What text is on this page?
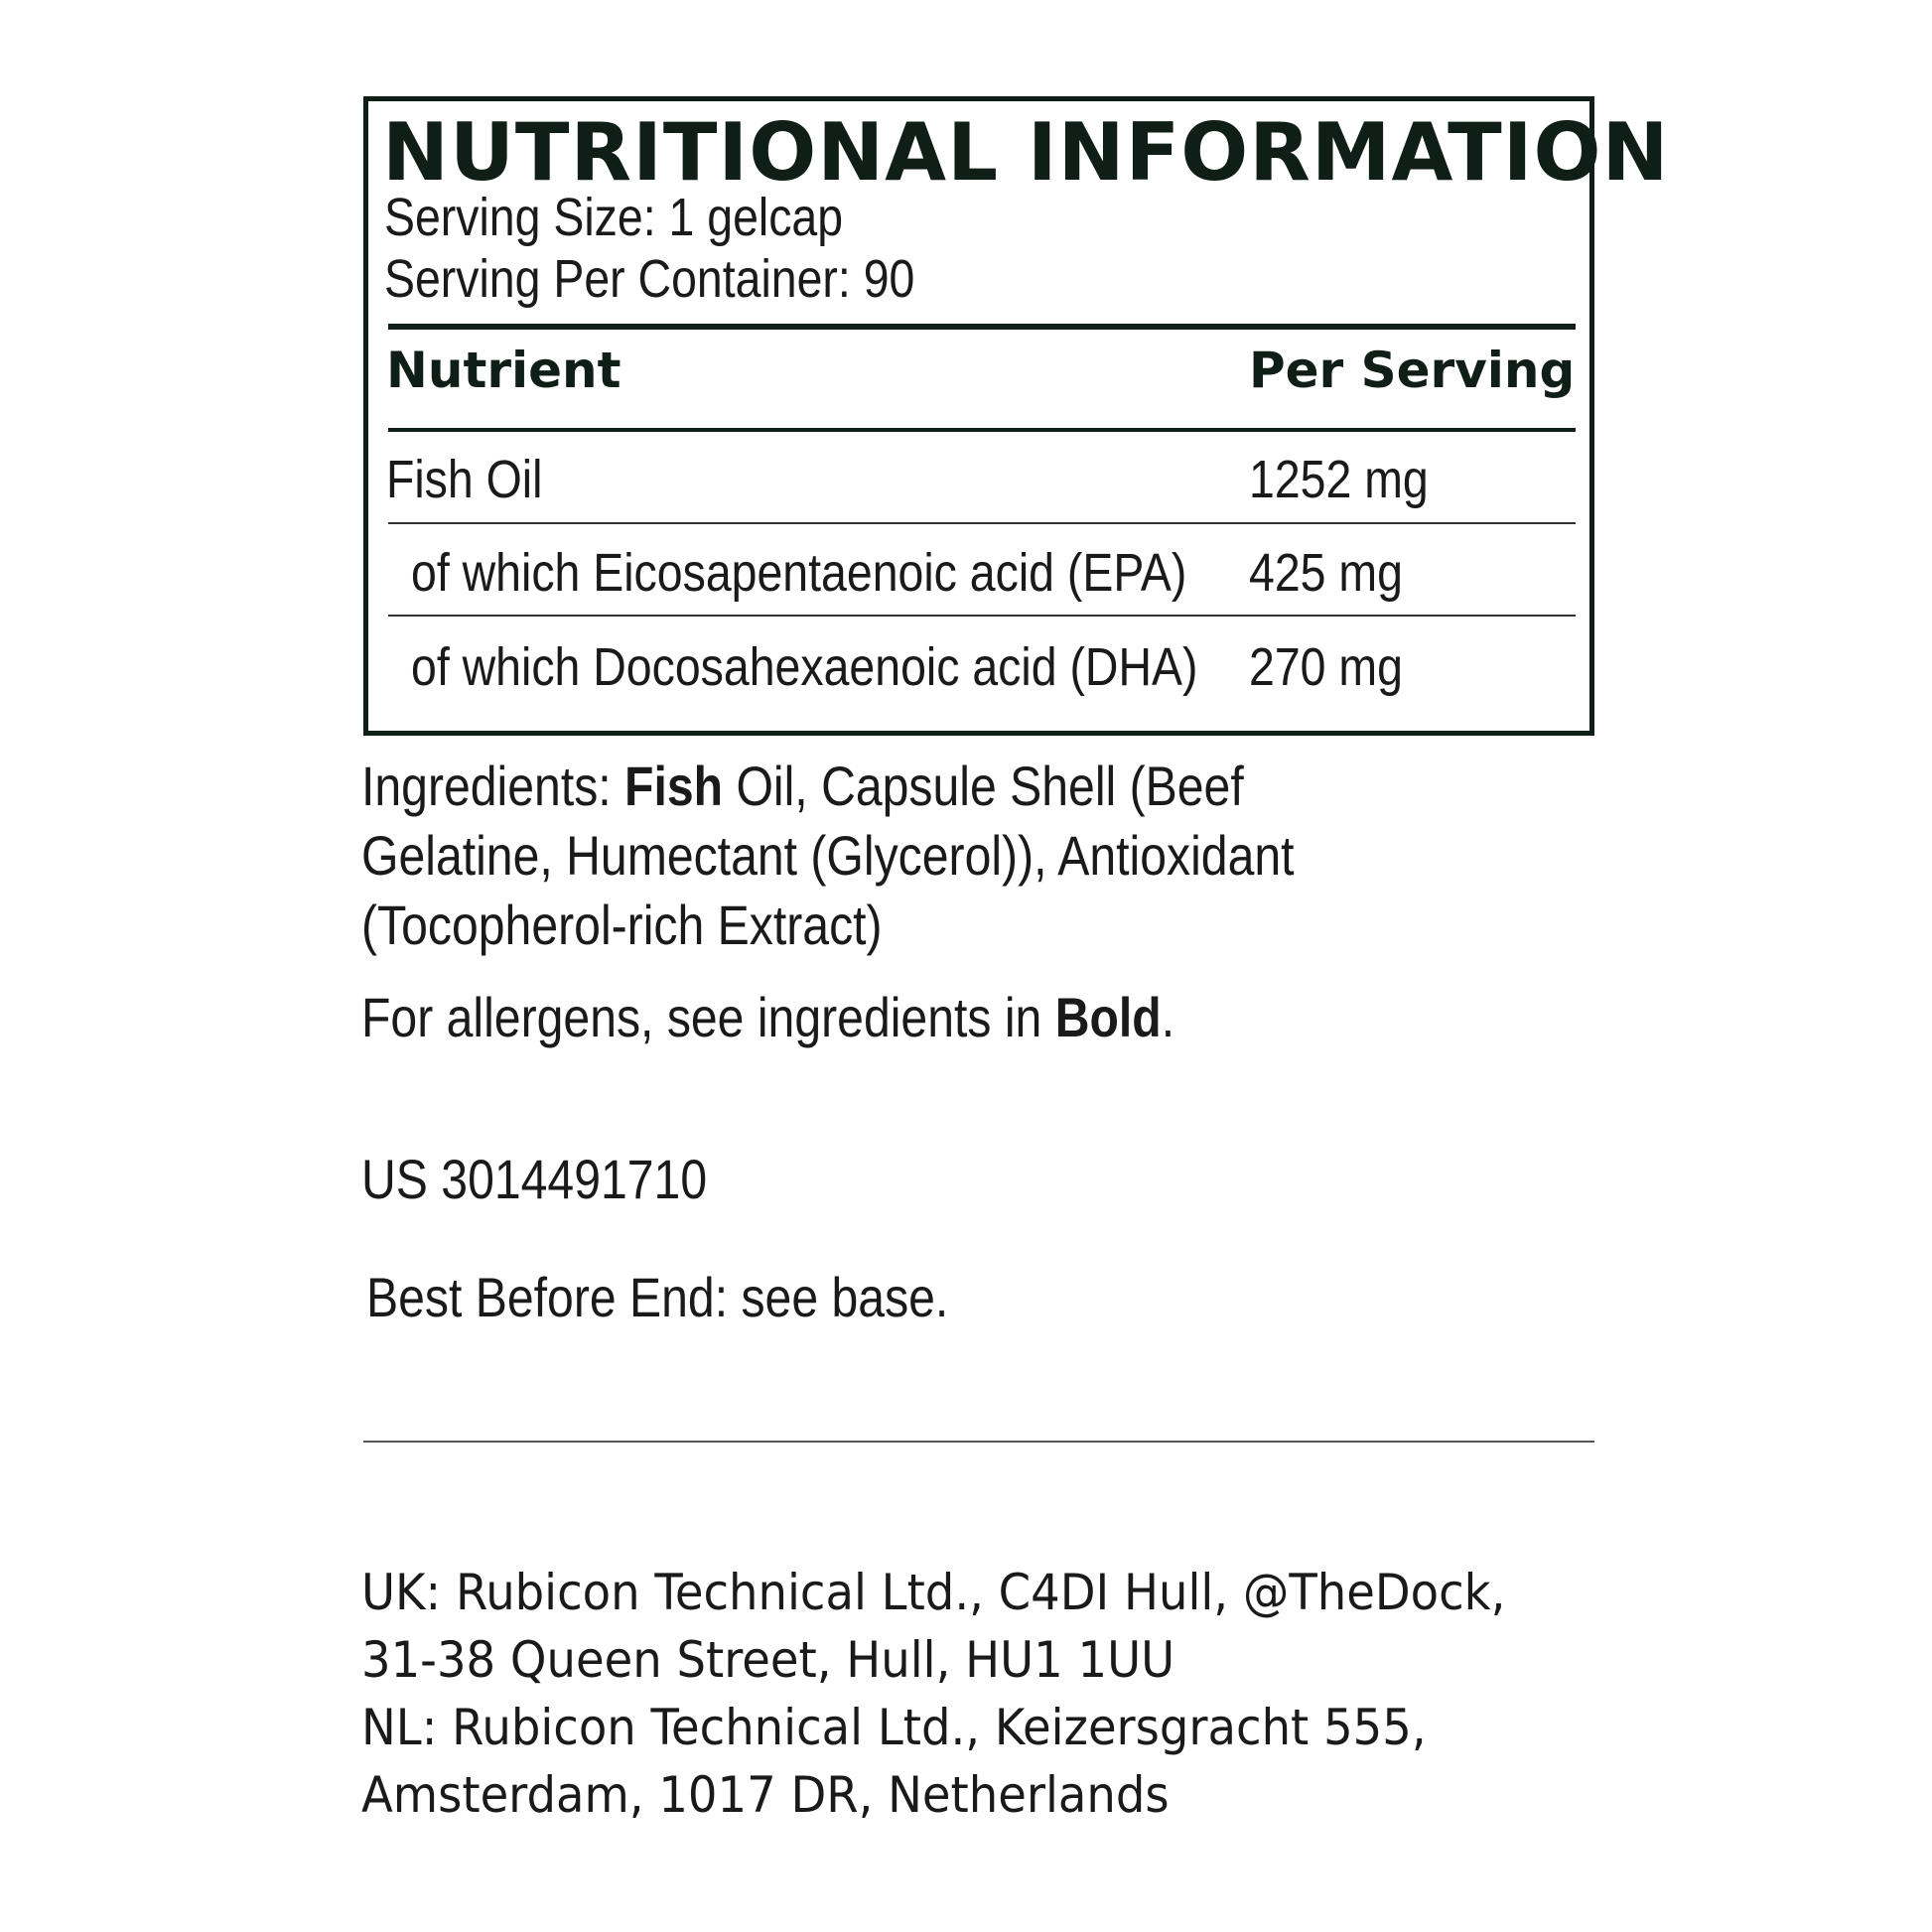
NUTRITIONAL INFORMATION
Serving Size: 1 gelcap
Serving Per Container: 90
Nutrient	Per Serving
Fish Oil	1252 mg
of which Eicosapentaenoic acid (EPA) 425 mg
of which Docosahexaenoic acid (DHA) 270 mg
Ingredients: Fish Oil, Capsule Shell (Beef Gelatine, Humectant (Glycerol)), Antioxidant (Tocopherol-rich Extract)
For allergens, see ingredients in Bold.
US 3014491710
Best Before End: see base.
UK: Rubicon Technical Ltd., C4DI Hull, @TheDock,
31-38 Queen Street, Hull, HU1 1UU
NL: Rubicon Technical Ltd., Keizersgracht 555,
Amsterdam, 1017 DR, Netherlands
